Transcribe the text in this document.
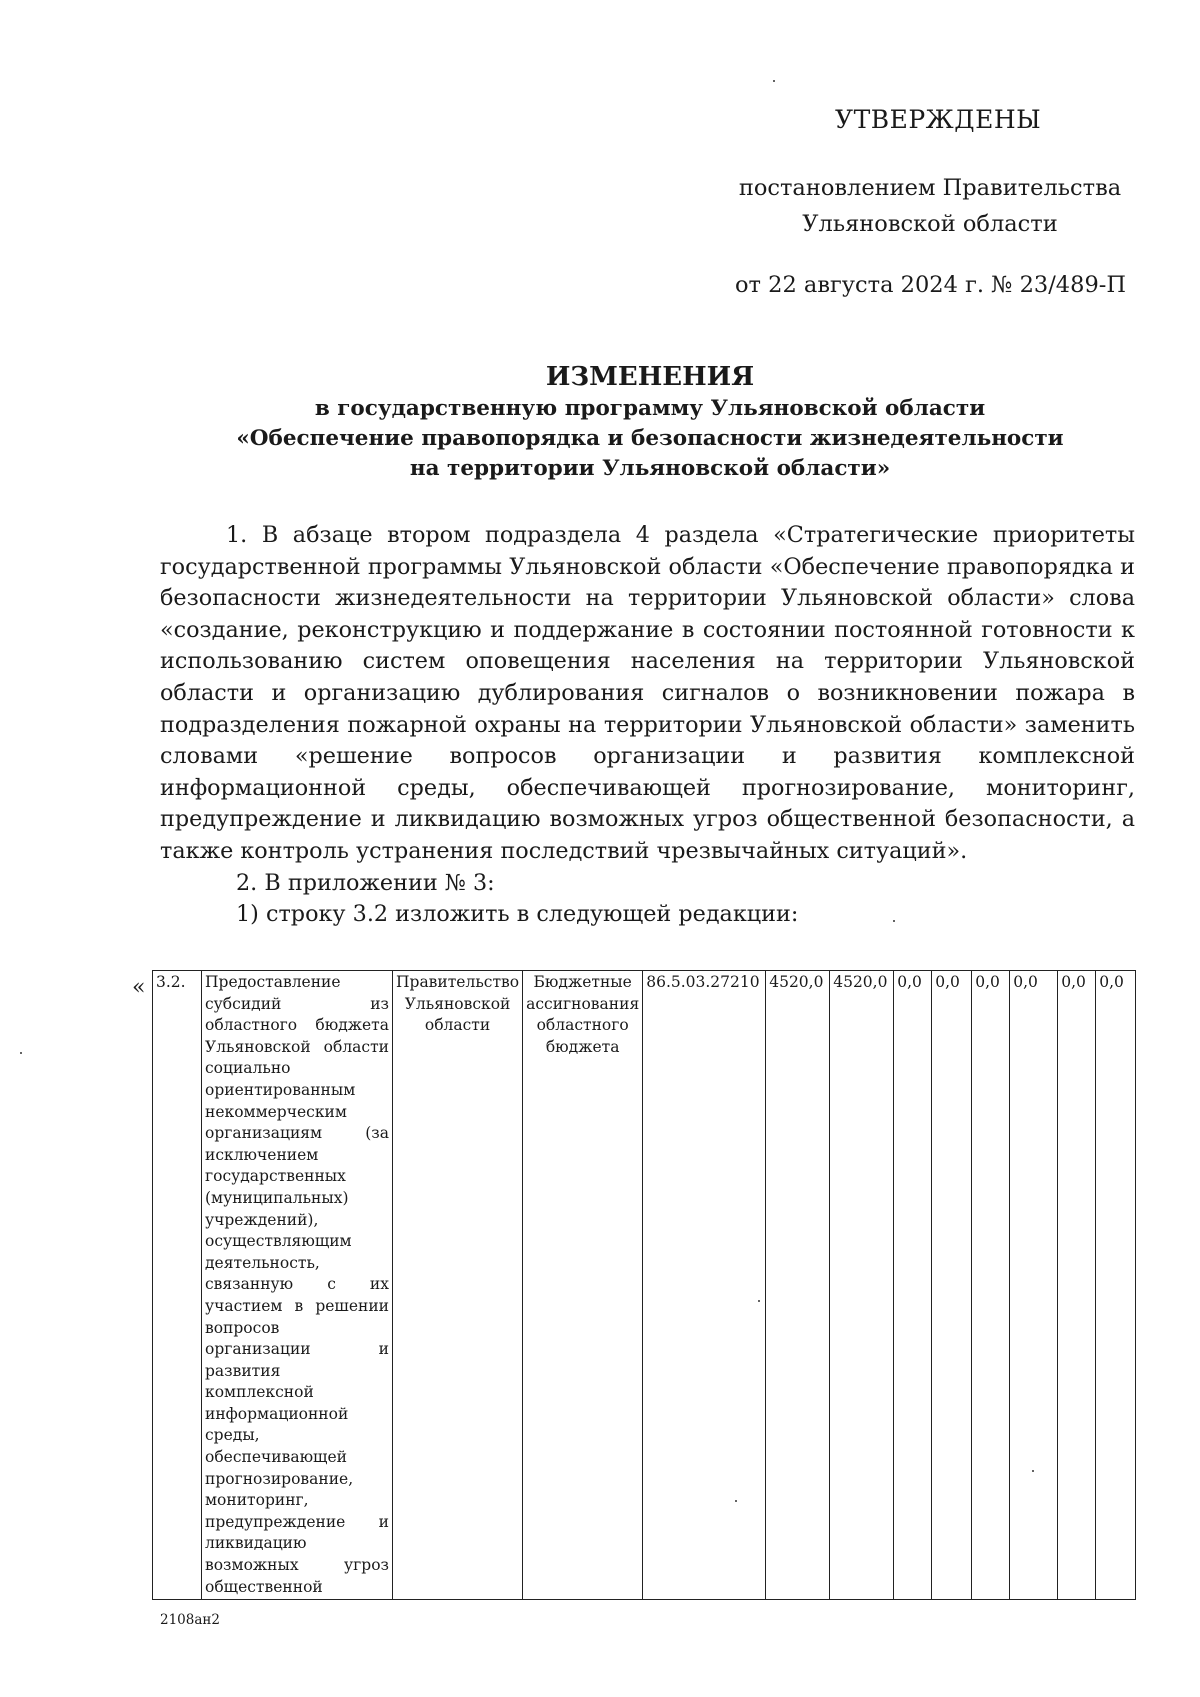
УТВЕРЖДЕНЫ
постановлением Правительства
Ульяновской области
от 22 августа 2024 г. № 23/489-П
ИЗМЕНЕНИЯ
в государственную программу Ульяновской области
«Обеспечение правопорядка и безопасности жизнедеятельности
на территории Ульяновской области»

1. В абзаце втором подраздела 4 раздела «Стратегические приоритеты государственной программы Ульяновской области «Обеспечение правопорядка и безопасности жизнедеятельности на территории Ульяновской области» слова «создание, реконструкцию и поддержание в состоянии постоянной готовности к использованию систем оповещения населения на территории Ульяновской области и организацию дублирования сигналов о возникновении пожара в подразделения пожарной охраны на территории Ульяновской области» заменить словами «решение вопросов организации и развития комплексной информационной среды, обеспечивающей прогнозирование, мониторинг, предупреждение и ликвидацию возможных угроз общественной безопасности, а также контроль устранения последствий чрезвычайных ситуаций».

2. В приложении № 3:

1) строку 3.2 изложить в следующей редакции:

« 3.2.	Предоставление субсидий из областного бюджета Ульяновской области социально ориентированным некоммерческим организациям (за исключением государственных (муниципальных) учреждений), осуществляющим деятельность, связанную с их участием в решении вопросов организации и развития комплексной информационной среды, обеспечивающей прогнозирование, мониторинг, предупреждение и ликвидацию возможных угроз общественной	Правительство Ульяновской области	Бюджетные ассигнования областного бюджета	86.5.03.27210	4520,0	4520,0	0,0	0,0	0,0	0,0	0,0	0,0
2108ан2
